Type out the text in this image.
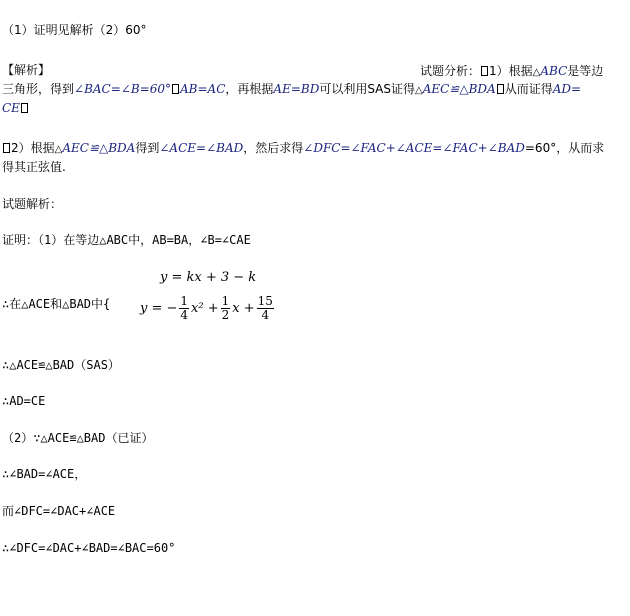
（1）证明见解析（2）60°
【解析】	试题分析： 1）根据△ABC是等边
三角形，得到∠BAC=∠B=60° AB=AC，再根据AE=BD可以利用SAS证得△AEC≌△BDA 从而证得AD=
CE
2）根据△AEC≌△BDA得到∠ACE=∠BAD，然后求得∠DFC=∠FAC+∠ACE=∠FAC+∠BAD=60°，从而求
得其正弦值.
试题解析：
证明：（1）在等边△ABC中，AB=BA，∠B=∠CAE
∴在△ACE和△BAD中{
y = kx + 3 − k
y = − $\frac{1}{4} x^2 + \frac{1}{2}$ $x + \frac{15}{4}$
∴△ACE≌△BAD（SAS）
∴AD=CE
（2）∵△ACE≌△BAD（已证）
∴∠BAD=∠ACE，
而∠DFC=∠DAC+∠ACE
∴∠DFC=∠DAC+∠BAD=∠BAC=60°
